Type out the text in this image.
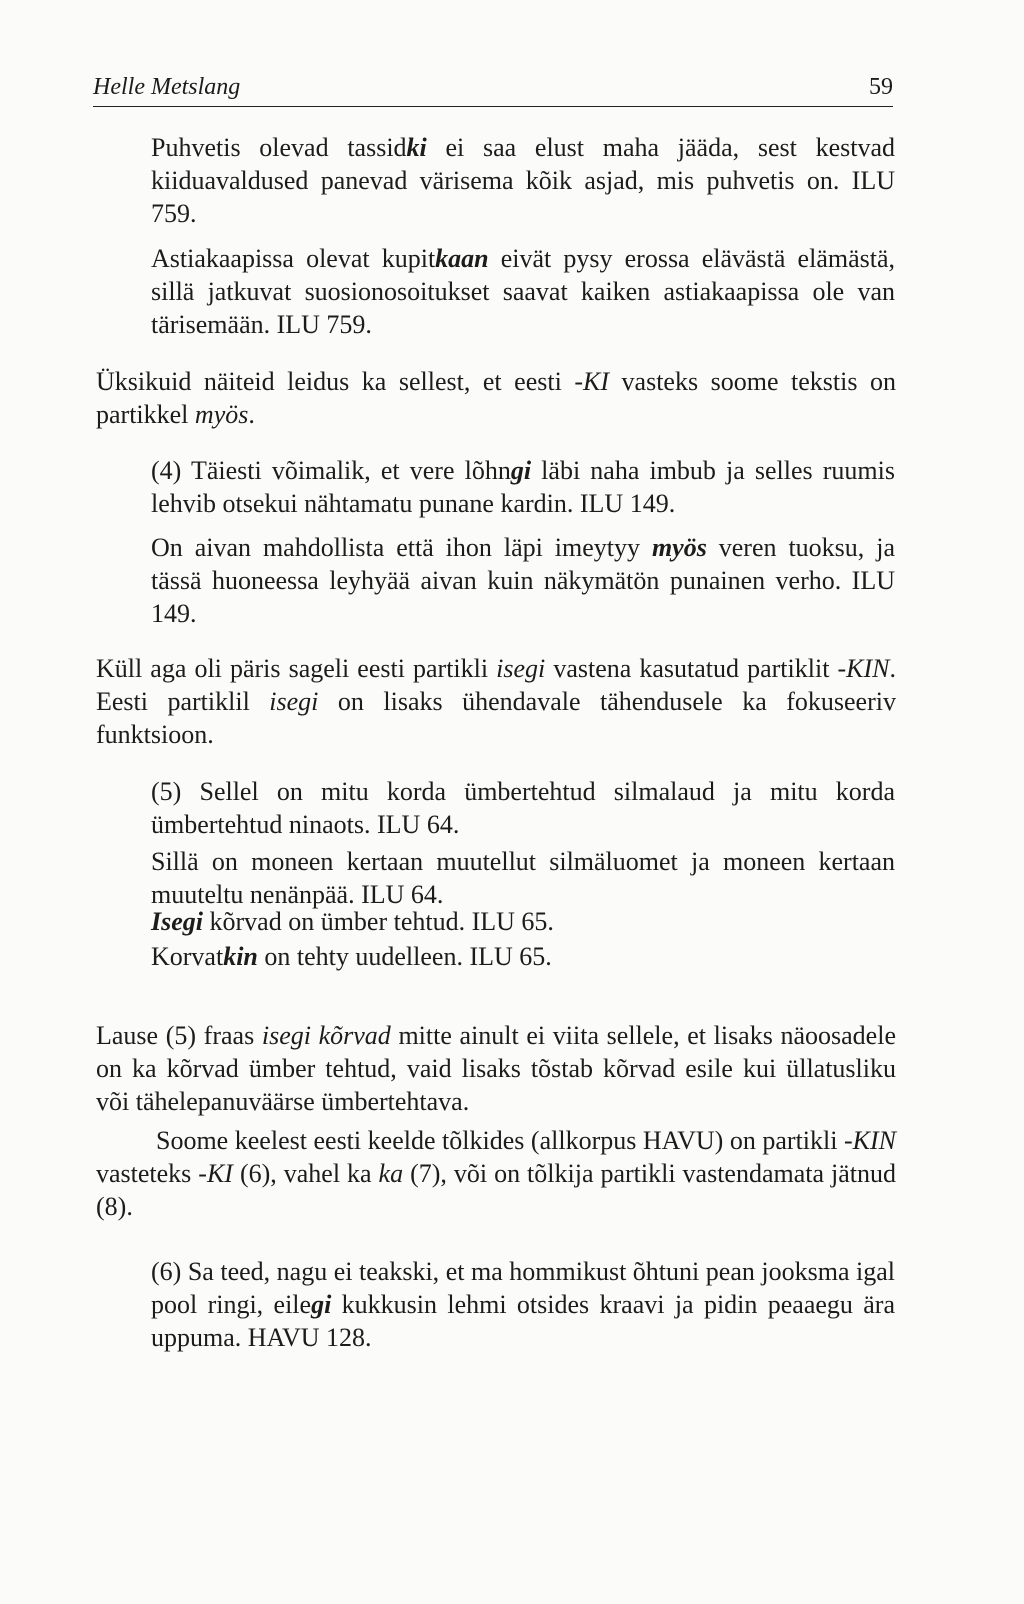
Helle Metslang	59

Puhvetis olevad tassidki ei saa elust maha jääda, sest kestvad kiiduavaldused panevad värisema kõik asjad, mis puhvetis on. ILU 759.

Astiakaapissa olevat kupitkaan eivät pysy erossa elävästä elämästä, sillä jatkuvat suosionosoitukset saavat kaiken astiakaapissa ole van tärisemään. ILU 759.

Üksikuid näiteid leidus ka sellest, et eesti -KI vasteks soome tekstis on partikkel myös.

(4) Täiesti võimalik, et vere lõhngi läbi naha imbub ja selles ruumis lehvib otsekui nähtamatu punane kardin. ILU 149.

On aivan mahdollista että ihon läpi imeytyy myös veren tuoksu, ja tässä huoneessa leyhyää aivan kuin näkymätön punainen verho. ILU 149.

Küll aga oli päris sageli eesti partikli isegi vastena kasutatud partiklit -KIN. Eesti partiklil isegi on lisaks ühendavale tähendusele ka fokuseeriv funktsioon.

(5) Sellel on mitu korda ümbertehtud silmalaud ja mitu korda ümbertehtud ninaots. ILU 64.

Sillä on moneen kertaan muutellut silmäluomet ja moneen kertaan muuteltu nenänpää. ILU 64.

Isegi kõrvad on ümber tehtud. ILU 65.

Korvatkin on tehty uudelleen. ILU 65.

Lause (5) fraas isegi kõrvad mitte ainult ei viita sellele, et lisaks näoosadele on ka kõrvad ümber tehtud, vaid lisaks tõstab kõrvad esile kui üllatusliku või tähelepanuväärse ümbertehtava.

Soome keelest eesti keelde tõlkides (allkorpus HAVU) on partikli -KIN vasteteks -KI (6), vahel ka ka (7), või on tõlkija partikli vastendamata jätnud (8).

(6) Sa teed, nagu ei teakski, et ma hommikust õhtuni pean jooksma igal pool ringi, eilegi kukkusin lehmi otsides kraavi ja pidin peaaegu ära uppuma. HAVU 128.
